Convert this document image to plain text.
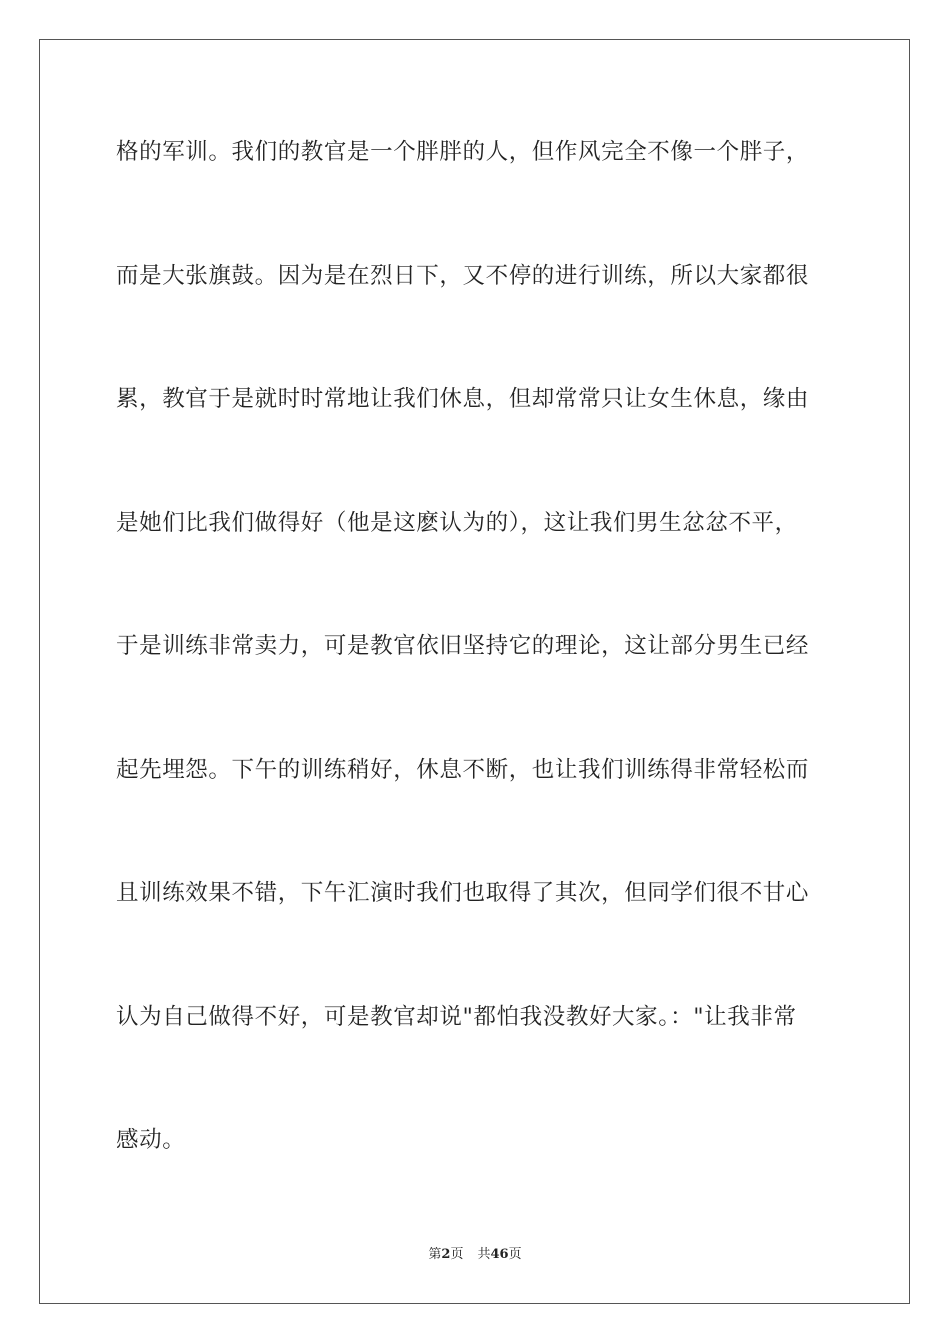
格的军训。我们的教官是一个胖胖的人，但作风完全不像一个胖子，
而是大张旗鼓。因为是在烈日下，又不停的进行训练，所以大家都很
累，教官于是就时时常地让我们休息，但却常常只让女生休息，缘由
是她们比我们做得好（他是这麽认为的），这让我们男生忿忿不平，
于是训练非常卖力，可是教官依旧坚持它的理论，这让部分男生已经
起先埋怨。下午的训练稍好，休息不断，也让我们训练得非常轻松而
且训练效果不错，下午汇演时我们也取得了其次，但同学们很不甘心
认为自己做得不好，可是教官却说"都怕我没教好大家。："让我非常
感动。
第2页 共46页
